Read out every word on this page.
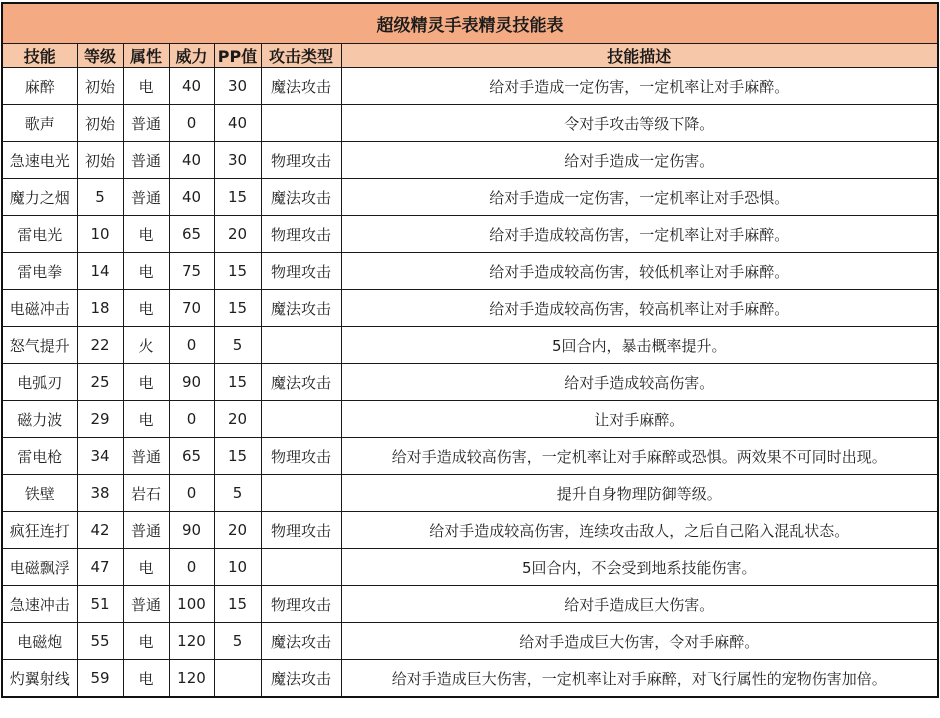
超级精灵手表精灵技能表						
技能	等级	属性	威力	PP值	攻击类型	技能描述
麻醉	初始	电	40	30	魔法攻击	给对手造成一定伤害，一定机率让对手麻醉。
歌声	初始	普通	0	40		令对手攻击等级下降。
急速电光	初始	普通	40	30	物理攻击	给对手造成一定伤害。
魔力之烟	5	普通	40	15	魔法攻击	给对手造成一定伤害，一定机率让对手恐惧。
雷电光	10	电	65	20	物理攻击	给对手造成较高伤害，一定机率让对手麻醉。
雷电拳	14	电	75	15	物理攻击	给对手造成较高伤害，较低机率让对手麻醉。
电磁冲击	18	电	70	15	魔法攻击	给对手造成较高伤害，较高机率让对手麻醉。
怒气提升	22	火	0	5		5回合内，暴击概率提升。
电弧刃	25	电	90	15	魔法攻击	给对手造成较高伤害。
磁力波	29	电	0	20		让对手麻醉。
雷电枪	34	普通	65	15	物理攻击	给对手造成较高伤害，一定机率让对手麻醉或恐惧。两效果不可同时出现。
铁壁	38	岩石	0	5		提升自身物理防御等级。
疯狂连打	42	普通	90	20	物理攻击	给对手造成较高伤害，连续攻击敌人，之后自己陷入混乱状态。
电磁飘浮	47	电	0	10		5回合内，不会受到地系技能伤害。
急速冲击	51	普通	100	15	物理攻击	给对手造成巨大伤害。
电磁炮	55	电	120	5	魔法攻击	给对手造成巨大伤害，令对手麻醉。
灼翼射线	59	电	120		魔法攻击	给对手造成巨大伤害，一定机率让对手麻醉，对飞行属性的宠物伤害加倍。
